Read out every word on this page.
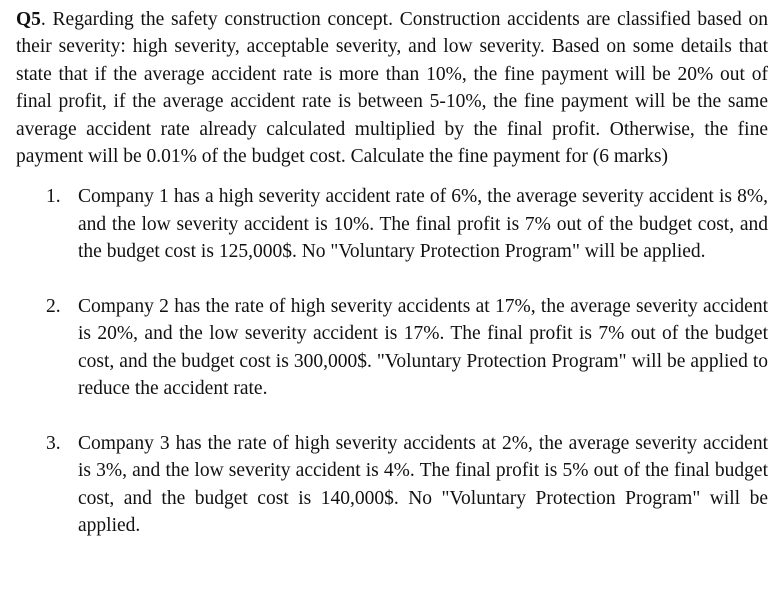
Q5. Regarding the safety construction concept. Construction accidents are classified based on their severity: high severity, acceptable severity, and low severity. Based on some details that state that if the average accident rate is more than 10%, the fine payment will be 20% out of final profit, if the average accident rate is between 5-10%, the fine payment will be the same average accident rate already calculated multiplied by the final profit. Otherwise, the fine payment will be 0.01% of the budget cost. Calculate the fine payment for (6 marks)

1. Company 1 has a high severity accident rate of 6%, the average severity accident is 8%, and the low severity accident is 10%. The final profit is 7% out of the budget cost, and the budget cost is 125,000$. No "Voluntary Protection Program" will be applied.
2. Company 2 has the rate of high severity accidents at 17%, the average severity accident is 20%, and the low severity accident is 17%. The final profit is 7% out of the budget cost, and the budget cost is 300,000$. "Voluntary Protection Program" will be applied to reduce the accident rate.
3. Company 3 has the rate of high severity accidents at 2%, the average severity accident is 3%, and the low severity accident is 4%. The final profit is 5% out of the final budget cost, and the budget cost is 140,000$. No "Voluntary Protection Program" will be applied.
